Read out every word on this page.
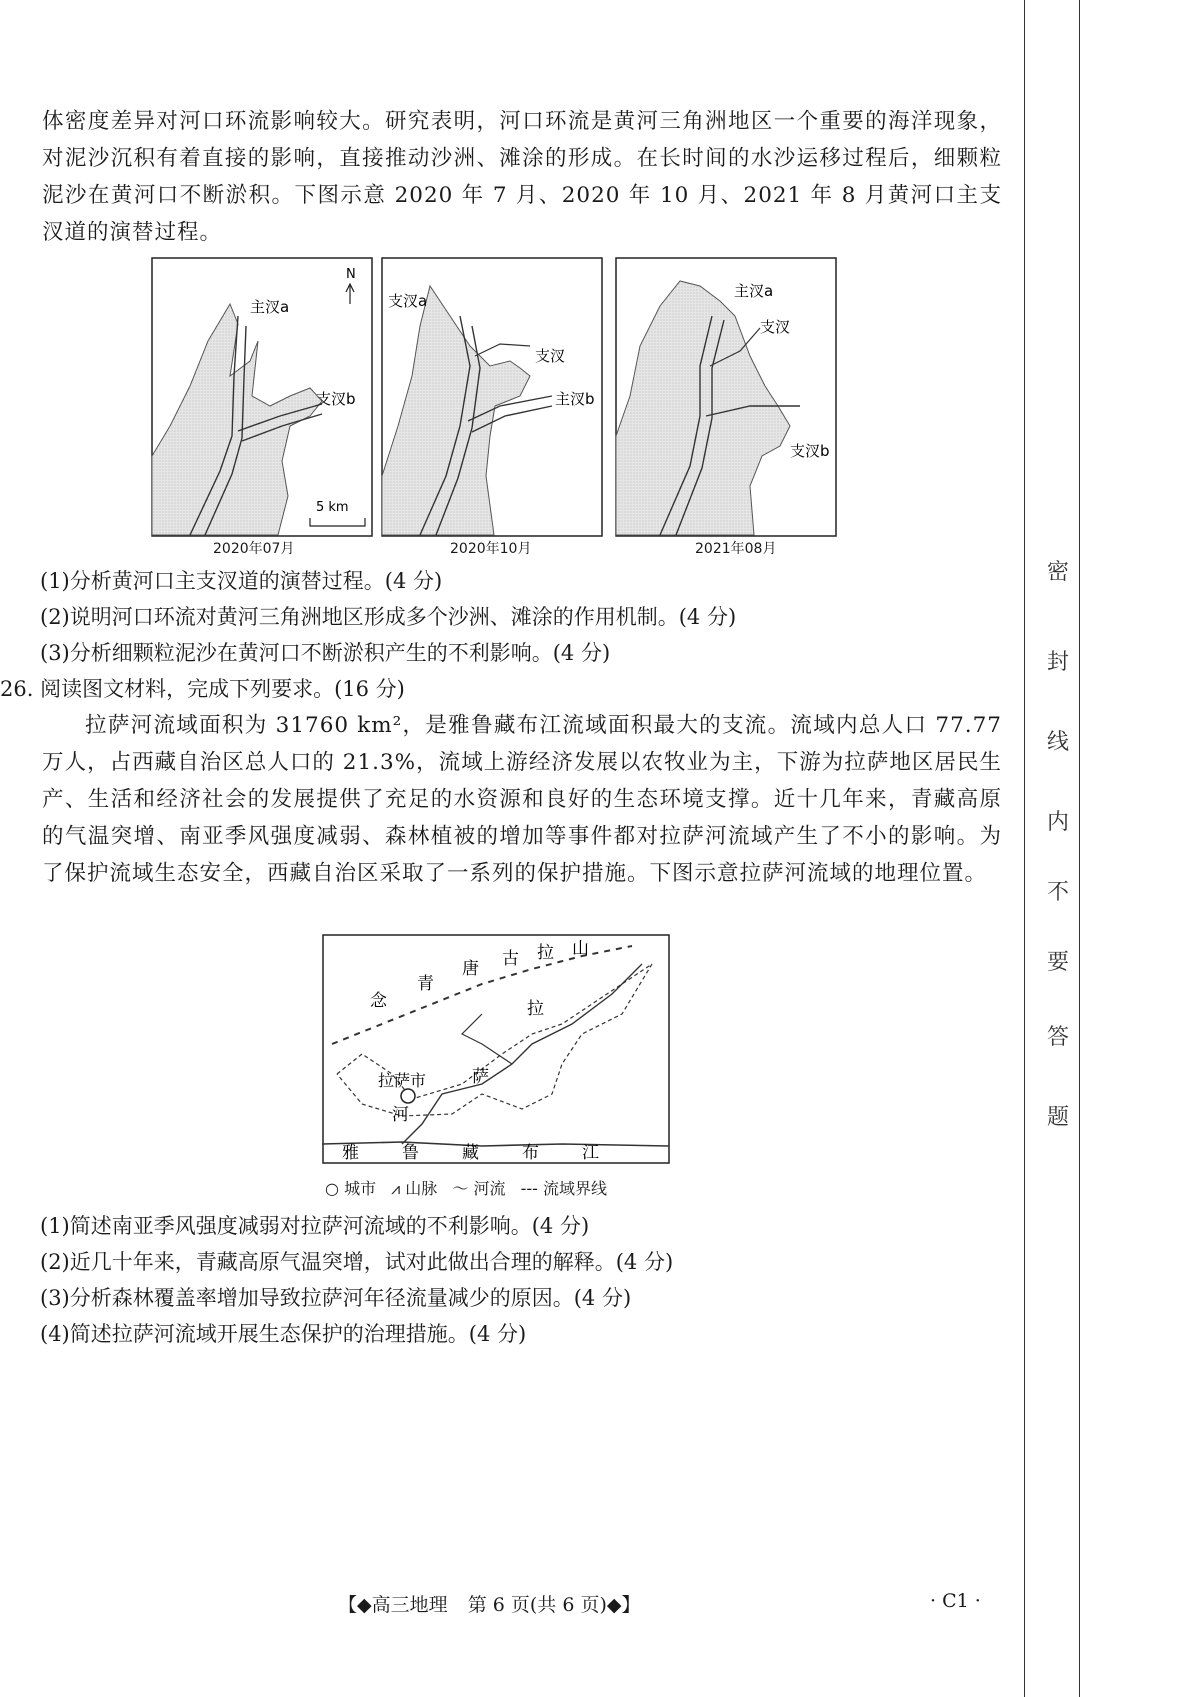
体密度差异对河口环流影响较大。研究表明，河口环流是黄河三角洲地区一个重要的海洋现象，对泥沙沉积有着直接的影响，直接推动沙洲、滩涂的形成。在长时间的水沙运移过程后，细颗粒泥沙在黄河口不断淤积。下图示意 2020 年 7 月、2020 年 10 月、2021 年 8 月黄河口主支汊道的演替过程。
主汊a
支汊b
N
5 km
支汊a
支汊
主汊b
主汊a
支汊
支汊b
2020年07月	2020年10月	2021年08月
(1)分析黄河口主支汊道的演替过程。(4 分)
(2)说明河口环流对黄河三角洲地区形成多个沙洲、滩涂的作用机制。(4 分)
(3)分析细颗粒泥沙在黄河口不断淤积产生的不利影响。(4 分)
26. 阅读图文材料，完成下列要求。(16 分)
拉萨河流域面积为 31760 km²，是雅鲁藏布江流域面积最大的支流。流域内总人口 77.77万人，占西藏自治区总人口的 21.3%，流域上游经济发展以农牧业为主，下游为拉萨地区居民生产、生活和经济社会的发展提供了充足的水资源和良好的生态环境支撑。近十几年来，青藏高原的气温突增、南亚季风强度减弱、森林植被的增加等事件都对拉萨河流域产生了不小的影响。为了保护流域生态安全，西藏自治区采取了一系列的保护措施。下图示意拉萨河流域的地理位置。
念
青
唐 古 拉 山
拉
萨
拉萨市
河
雅	鲁	藏	布	江
○ 城市 ⩘ 山脉 〜 河流 --- 流域界线
(1)简述南亚季风强度减弱对拉萨河流域的不利影响。(4 分)
(2)近几十年来，青藏高原气温突增，试对此做出合理的解释。(4 分)
(3)分析森林覆盖率增加导致拉萨河年径流量减少的原因。(4 分)
(4)简述拉萨河流域开展生态保护的治理措施。(4 分)
【◆高三地理 第 6 页(共 6 页)◆】	· C1 ·
密
封
线
内
不
要
答
题
